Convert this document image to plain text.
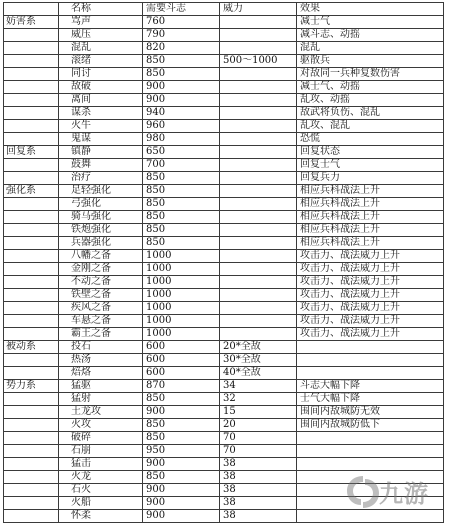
	名称	需要斗志	威力	效果
妨害系	骂声	760		减士气
	威压	790		减斗志、动摇
	混乱	820		混乱
	滚绪	850	500～1000	驱散兵
	同讨	850		对敌同一兵种复数伤害
	敌破	900		减士气、动摇
	离间	900		乱攻、动摇
	谋杀	940		敌武将负伤、混乱
	火牛	960		乱攻、混乱
	鬼谋	980		恐慌
回复系	镇静	650		回复状态
	鼓舞	700		回复士气
	治疗	850		回复兵力
强化系	足轻强化	850		相应兵科战法上升
	弓强化	850		相应兵科战法上升
	骑马强化	850		相应兵科战法上升
	铁炮强化	850		相应兵科战法上升
	兵器强化	850		相应兵科战法上升
	八幡之备	1000		攻击力、战法威力上升
	金刚之备	1000		攻击力、战法威力上升
	不动之备	1000		攻击力、战法威力上升
	铁壁之备	1000		攻击力、战法威力上升
	疾风之备	1000		攻击力、战法威力上升
	车悬之备	1000		攻击力、战法威力上升
	霸王之备	1000		攻击力、战法威力上升
被动系	投石	600	20*全敌	
	热汤	600	30*全敌	
	焙烙	600	40*全敌	
势力系	猛驱	870	34	斗志大幅下降
	猛射	850	32	士气大幅下降
	土龙攻	900	15	围间内敌城防无效
	火攻	850	20	围间内敌城防低下
	破碎	850	70	
	石崩	950	70	
	猛击	900	38	
	火龙	850	38	
	石火	900	38	
	火船	900	38	
	怀柔	900	38	
九游
